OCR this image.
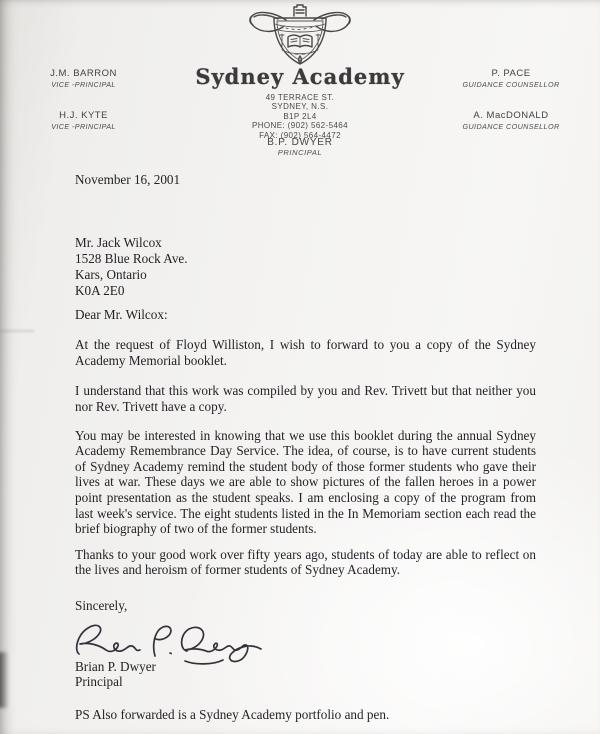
Sydney Academy
49 TERRACE ST.
SYDNEY, N.S.
B1P 2L4
PHONE: (902) 562-5464
FAX: (902) 564-4472
B.P. DWYER
PRINCIPAL
J.M. BARRON
VICE -PRINCIPAL
H.J. KYTE
VICE -PRINCIPAL
P. PACE
GUIDANCE COUNSELLOR
A. MacDONALD
GUIDANCE COUNSELLOR
November 16, 2001
Mr. Jack Wilcox
1528 Blue Rock Ave.
Kars, Ontario
K0A 2E0
Dear Mr. Wilcox:

At the request of Floyd Williston, I wish to forward to you a copy of the Sydney Academy Memorial booklet.

I understand that this work was compiled by you and Rev. Trivett but that neither you nor Rev. Trivett have a copy.

You may be interested in knowing that we use this booklet during the annual Sydney Academy Remembrance Day Service. The idea, of course, is to have current students of Sydney Academy remind the student body of those former students who gave their lives at war. These days we are able to show pictures of the fallen heroes in a power point presentation as the student speaks. I am enclosing a copy of the program from last week's service. The eight students listed in the In Memoriam section each read the brief biography of two of the former students.

Thanks to your good work over fifty years ago, students of today are able to reflect on the lives and heroism of former students of Sydney Academy.

Sincerely,
Brian P. Dwyer
Principal
PS Also forwarded is a Sydney Academy portfolio and pen.
